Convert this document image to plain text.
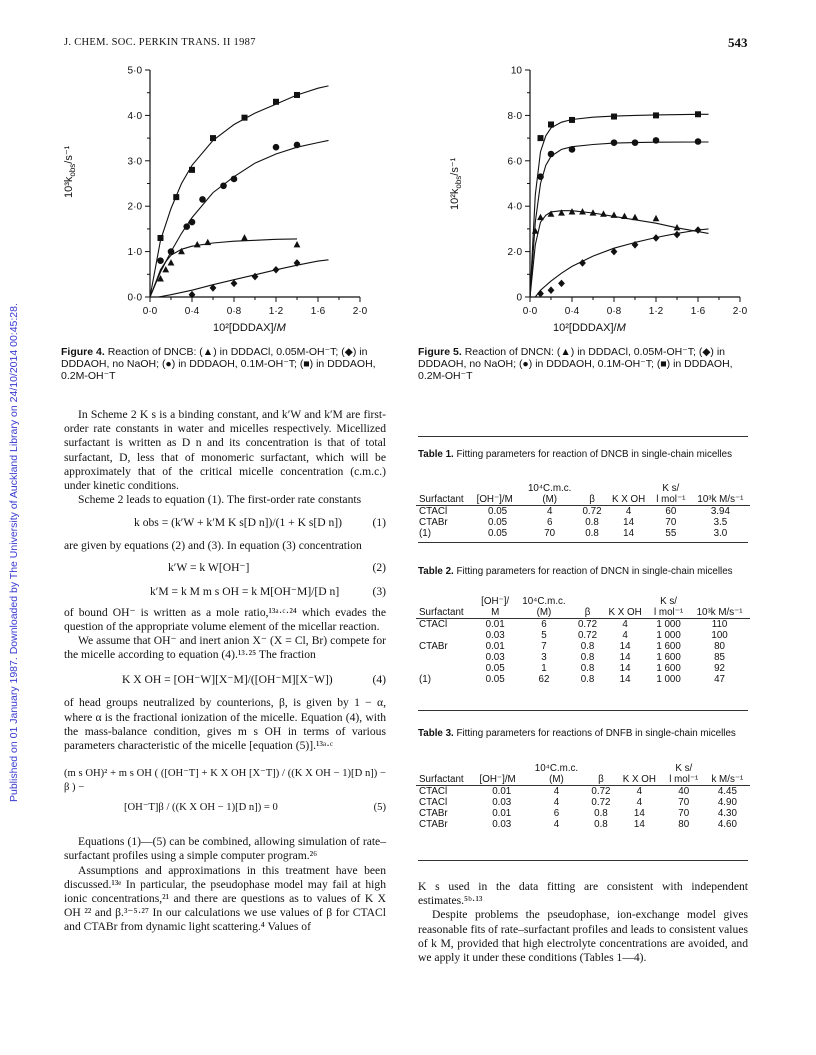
J. CHEM. SOC. PERKIN TRANS. II 1987	543
Published on 01 January 1987. Downloaded by The University of Auckland Library on 24/10/2014 00:45:28.	0·0	0·4	0·8	1·2	1·6	2·0
0·0
1·0
2·0
3·0
4·0
5·0
$10^3k_{obs}/s^{-1}$
10²[DDDAX]/M
Figure 4. Reaction of DNCB: (▲) in DDDACl, 0.05M-OH⁻T; (◆) in DDDAOH, no NaOH; (●) in DDDAOH, 0.1M-OH⁻T; (■) in DDDAOH, 0.2M-OH⁻T
0·0	0·4	0·8	1·2	1·6	2·0
0
2·0
4·0
6·0
8·0
10
$10^2k_{obs}/s^{-1}$
10²[DDDAX]/M
Figure 5. Reaction of DNCN: (▲) in DDDACl, 0.05M-OH⁻T; (◆) in DDDAOH, no NaOH; (●) in DDDAOH, 0.1M-OH⁻T; (■) in DDDAOH, 0.2M-OH⁻T

In Scheme 2 K s is a binding constant, and k′W and k′M are first-order rate constants in water and micelles respectively. Micellized surfactant is written as D n and its concentration is that of total surfactant, D, less that of monomeric surfactant, which will be approximately that of the critical micelle concentration (c.m.c.) under kinetic conditions.

Scheme 2 leads to equation (1). The first-order rate constants

k obs = (k′W + k′M K s[D n])/(1 + K s[D n])	(1)

are given by equations (2) and (3). In equation (3) concentration

k′W = k W[OH⁻]	(2)
k′M = k M m s OH = k M[OH⁻M]/[D n]	(3)

of bound OH⁻ is written as a mole ratio,¹³ᵃ·ᶜ·²⁴ which evades the question of the appropriate volume element of the micellar reaction.

We assume that OH⁻ and inert anion X⁻ (X = Cl, Br) compete for the micelle according to equation (4).¹³·²⁵ The fraction

K X OH = [OH⁻W][X⁻M]/([OH⁻M][X⁻W])	(4)

of head groups neutralized by counterions, β, is given by 1 − α, where α is the fractional ionization of the micelle. Equation (4), with the mass-balance condition, gives m s OH in terms of various parameters characteristic of the micelle [equation (5)].¹³ᵃ·ᶜ

(m s OH)² + m s OH ( ([OH⁻T] + K X OH [X⁻T]) / ((K X OH − 1)[D n]) − β ) −
[OH⁻T]β / ((K X OH − 1)[D n]) = 0	(5)

Equations (1)—(5) can be combined, allowing simulation of rate–surfactant profiles using a simple computer program.²⁶

Assumptions and approximations in this treatment have been discussed.¹³ᵉ In particular, the pseudophase model may fail at high ionic concentrations,²¹ and there are questions as to values of K X OH ²² and β.³⁻⁵·²⁷ In our calculations we use values of β for CTACl and CTABr from dynamic light scattering.⁴ Values of

Table 1. Fitting parameters for reaction of DNCB in single-chain micelles
		10⁴C.m.c.			K s/	
Surfactant	[OH⁻]/M	(M)	β	K X OH	l mol⁻¹	10³k M/s⁻¹
CTACl	0.05	4	0.72	4	60	3.94
CTABr	0.05	6	0.8	14	70	3.5
(1)	0.05	70	0.8	14	55	3.0
Table 2. Fitting parameters for reaction of DNCN in single-chain micelles
	[OH⁻]/	10⁴C.m.c.			K s/	
Surfactant	M	(M)	β	K X OH	l mol⁻¹	10³k M/s⁻¹
CTACl	0.01	6	0.72	4	1 000	110
	0.03	5	0.72	4	1 000	100
CTABr	0.01	7	0.8	14	1 600	80
	0.03	3	0.8	14	1 600	85
	0.05	1	0.8	14	1 600	92
(1)	0.05	62	0.8	14	1 000	47
Table 3. Fitting parameters for reactions of DNFB in single-chain micelles
		10⁴C.m.c.			K s/	
Surfactant	[OH⁻]/M	(M)	β	K X OH	l mol⁻¹	k M/s⁻¹
CTACl	0.01	4	0.72	4	40	4.45
CTACl	0.03	4	0.72	4	70	4.90
CTABr	0.01	6	0.8	14	70	4.30
CTABr	0.03	4	0.8	14	80	4.60

K s used in the data fitting are consistent with independent estimates.⁵ᵇ·¹³

Despite problems the pseudophase, ion-exchange model gives reasonable fits of rate–surfactant profiles and leads to consistent values of k M, provided that high electrolyte concentrations are avoided, and we apply it under these conditions (Tables 1—4).
